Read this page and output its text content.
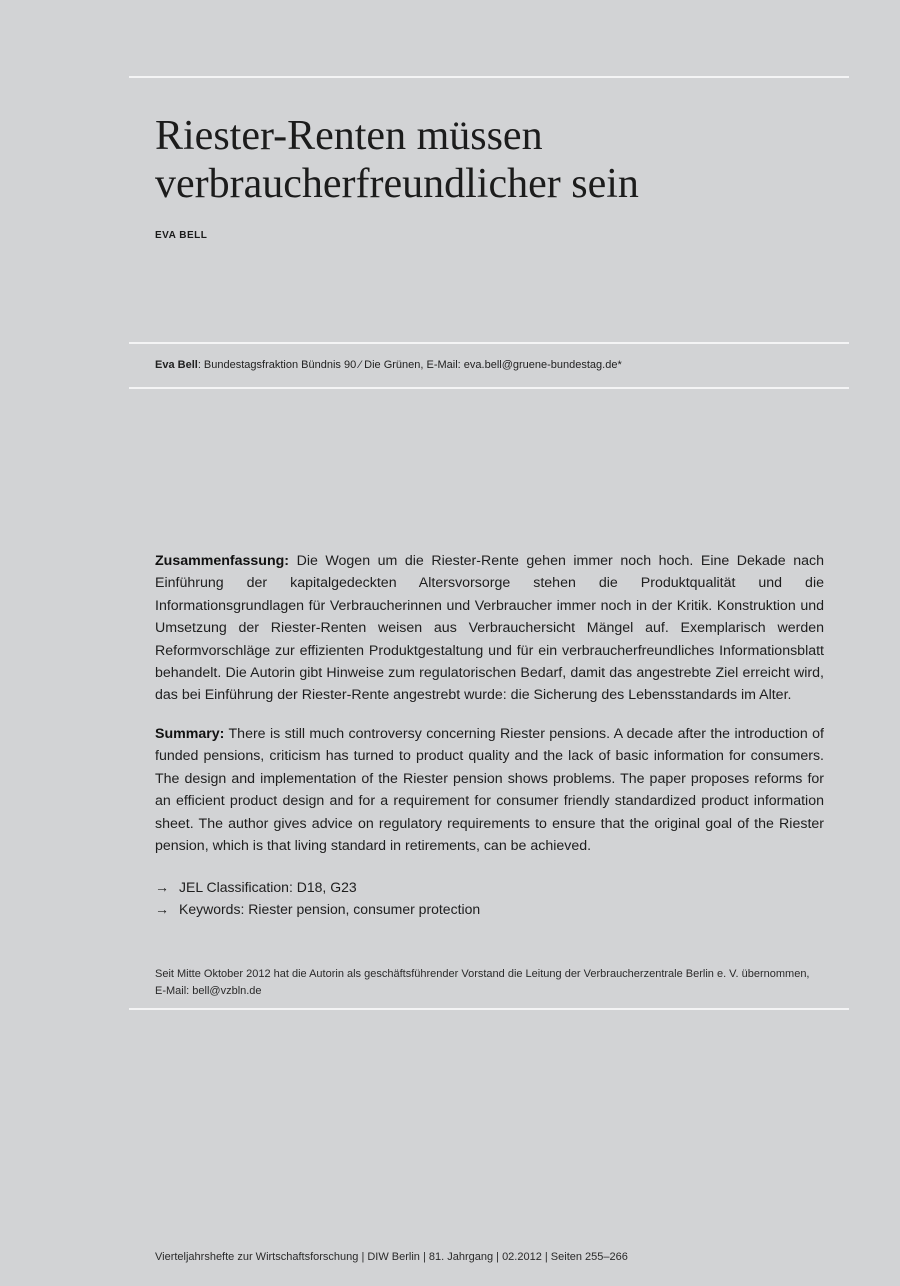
Riester-Renten müssen
verbraucherfreundlicher sein
EVA BELL
Eva Bell: Bundestagsfraktion Bündnis 90 ⁄ Die Grünen, E-Mail: eva.bell@gruene-bundestag.de*

Zusammenfassung: Die Wogen um die Riester-Rente gehen immer noch hoch. Eine Dekade nach Einführung der kapitalgedeckten Altersvorsorge stehen die Produktqualität und die Informationsgrundlagen für Verbraucherinnen und Verbraucher immer noch in der Kritik. Konstruktion und Umsetzung der Riester-Renten weisen aus Verbrauchersicht Mängel auf. Exemplarisch werden Reformvorschläge zur effizienten Produktgestaltung und für ein verbraucherfreundliches Informationsblatt behandelt. Die Autorin gibt Hinweise zum regulatorischen Bedarf, damit das angestrebte Ziel erreicht wird, das bei Einführung der Riester-Rente angestrebt wurde: die Sicherung des Lebensstandards im Alter.

Summary: There is still much controversy concerning Riester pensions. A decade after the introduction of funded pensions, criticism has turned to product quality and the lack of basic information for consumers. The design and implementation of the Riester pension shows problems. The paper proposes reforms for an efficient product design and for a requirement for consumer friendly standardized product information sheet. The author gives advice on regulatory requirements to ensure that the original goal of the Riester pension, which is that living standard in retirements, can be achieved.

→ JEL Classification: D18, G23
→ Keywords: Riester pension, consumer protection
Seit Mitte Oktober 2012 hat die Autorin als geschäftsführender Vorstand die Leitung der Verbraucherzentrale Berlin e. V. übernommen,
E-Mail: bell@vzbln.de
Vierteljahrshefte zur Wirtschaftsforschung | DIW Berlin | 81. Jahrgang | 02.2012 | Seiten 255–266
